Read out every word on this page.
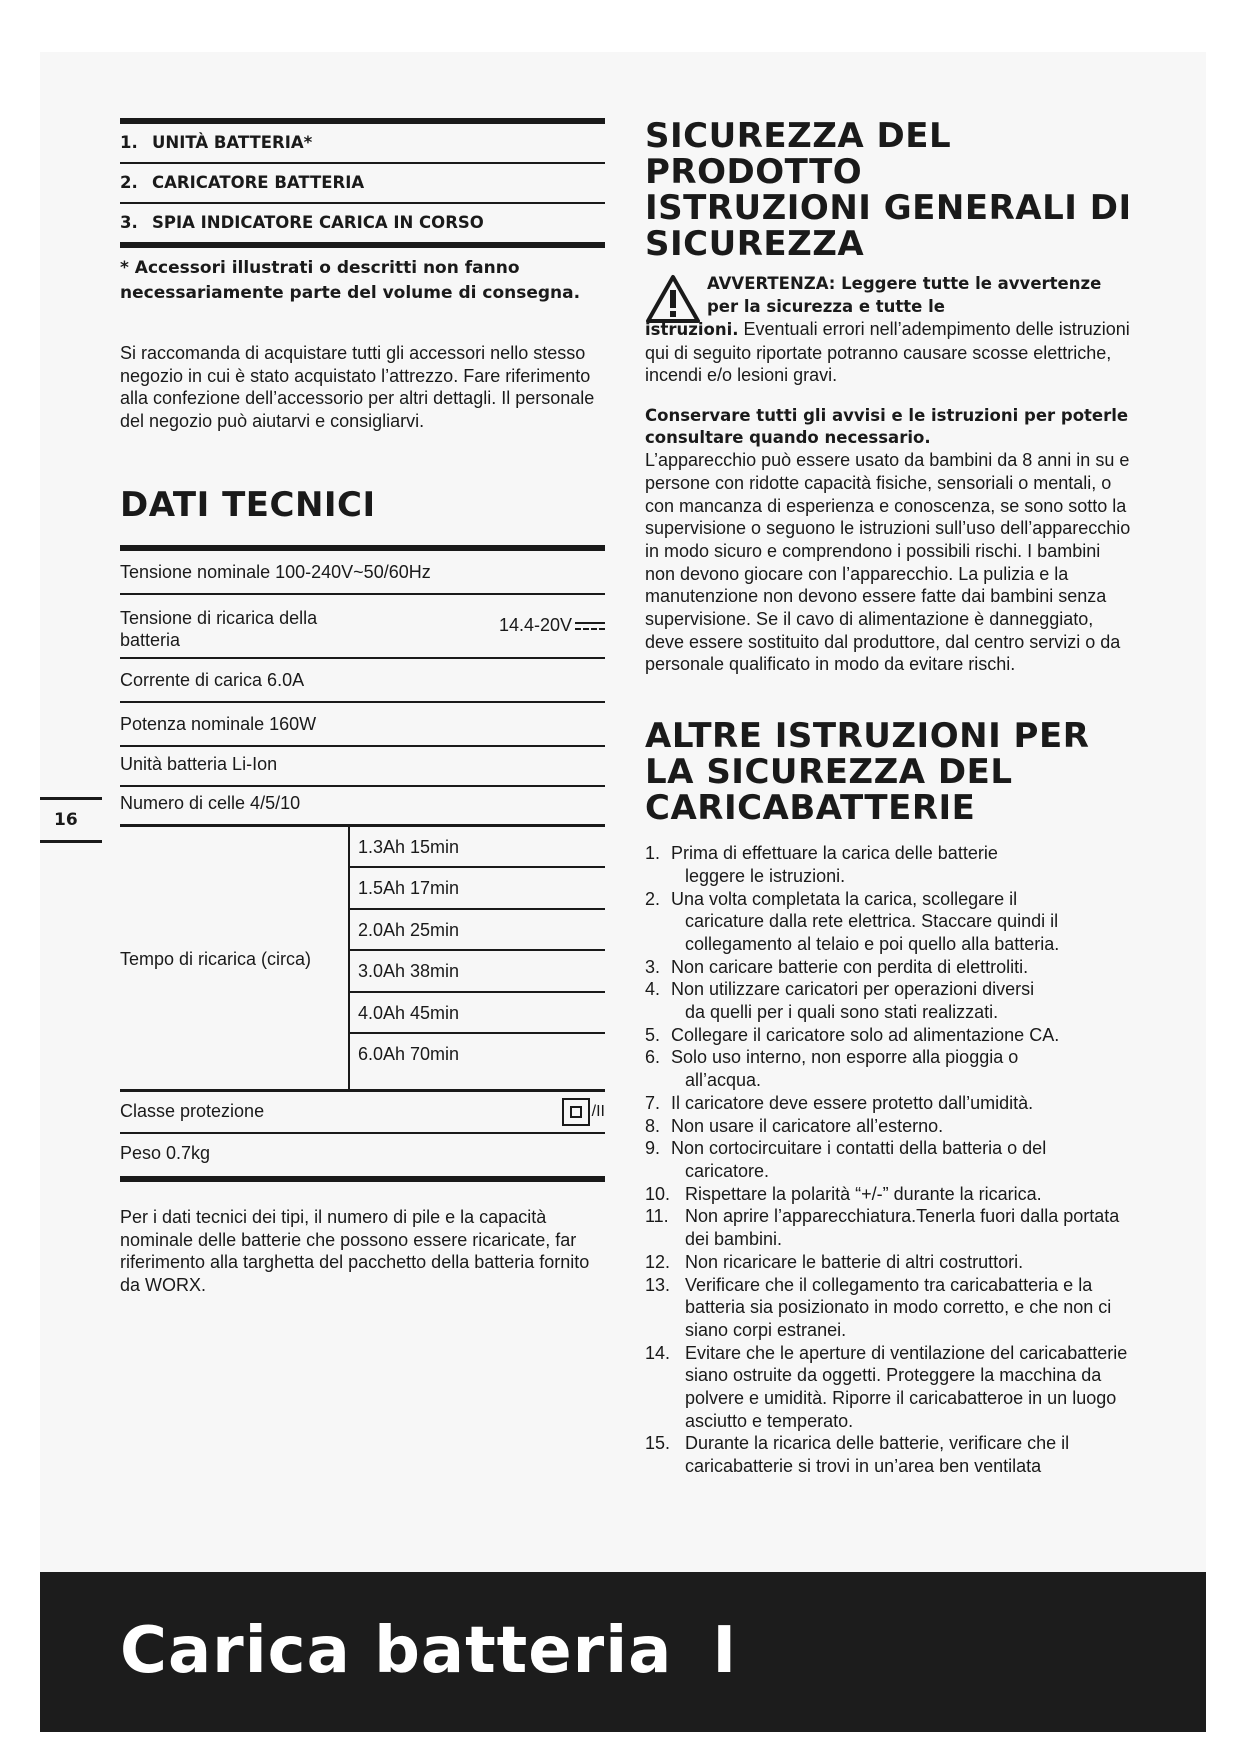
16
1. UNITÀ BATTERIA*
2. CARICATORE BATTERIA
3. SPIA INDICATORE CARICA IN CORSO
* Accessori illustrati o descritti non fanno necessariamente parte del volume di consegna.
Si raccomanda di acquistare tutti gli accessori nello stesso negozio in cui è stato acquistato l’attrezzo. Fare riferimento alla confezione dell’accessorio per altri dettagli. Il personale del negozio può aiutarvi e consigliarvi.
DATI TECNICI
Tensione nominale 100-240V~50/60Hz
Tensione di ricarica della batteria
14.4-20V
Corrente di carica 6.0A
Potenza nominale 160W
Unità batteria Li-Ion
Numero di celle 4/5/10
Tempo di ricarica (circa)
1.3Ah 15min
1.5Ah 17min
2.0Ah 25min
3.0Ah 38min
4.0Ah 45min
6.0Ah 70min
Classe protezione	/II
Peso 0.7kg
Per i dati tecnici dei tipi, il numero di pile e la capacità nominale delle batterie che possono essere ricaricate, far riferimento alla targhetta del pacchetto della batteria fornito da WORX.
SICUREZZA DEL
PRODOTTO
ISTRUZIONI GENERALI DI
SICUREZZA
AVVERTENZA: Leggere tutte le avvertenze per la sicurezza e tutte le
istruzioni. Eventuali errori nell’adempimento delle istruzioni qui di seguito riportate potranno causare scosse elettriche, incendi e/o lesioni gravi.
Conservare tutti gli avvisi e le istruzioni per poterle consultare quando necessario.
L’apparecchio può essere usato da bambini da 8 anni in su e persone con ridotte capacità fisiche, sensoriali o mentali, o con mancanza di esperienza e conoscenza, se sono sotto la supervisione o seguono le istruzioni sull’uso dell’apparecchio in modo sicuro e comprendono i possibili rischi. I bambini non devono giocare con l’apparecchio. La pulizia e la manutenzione non devono essere fatte dai bambini senza supervisione. Se il cavo di alimentazione è danneggiato, deve essere sostituito dal produttore, dal centro servizi o da personale qualificato in modo da evitare rischi.
ALTRE ISTRUZIONI PER
LA SICUREZZA DEL
CARICABATTERIE
1. Prima di effettuare la carica delle batterie
leggere le istruzioni.
2. Una volta completata la carica, scollegare il
caricature dalla rete elettrica. Staccare quindi il collegamento al telaio e poi quello alla batteria.
3. Non caricare batterie con perdita di elettroliti.
4. Non utilizzare caricatori per operazioni diversi
da quelli per i quali sono stati realizzati.
5. Collegare il caricatore solo ad alimentazione CA.
6. Solo uso interno, non esporre alla pioggia o
all’acqua.
7. Il caricatore deve essere protetto dall’umidità.
8. Non usare il caricatore all’esterno.
9. Non cortocircuitare i contatti della batteria o del
caricatore.
10. Rispettare la polarità “+/-” durante la ricarica.
11. Non aprire l’apparecchiatura.Tenerla fuori dalla portata dei bambini.
12. Non ricaricare le batterie di altri costruttori.
13. Verificare che il collegamento tra caricabatteria e la batteria sia posizionato in modo corretto, e che non ci siano corpi estranei.
14. Evitare che le aperture di ventilazione del caricabatterie siano ostruite da oggetti. Proteggere la macchina da polvere e umidità. Riporre il caricabatteroe in un luogo asciutto e temperato.
15. Durante la ricarica delle batterie, verificare che il caricabatterie si trovi in un’area ben ventilata
Carica batteria I
